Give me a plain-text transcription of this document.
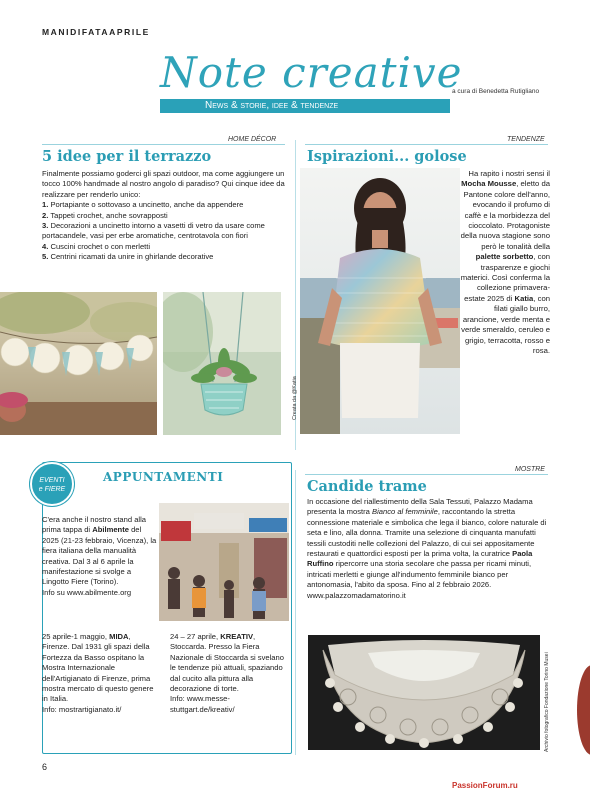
MANIDIFATAAPRILE
Note creative
a cura di Benedetta Rutigliano
News & storie, idee & tendenze
HOME DÉCOR
5 idee per il terrazzo
Finalmente possiamo goderci gli spazi outdoor, ma come aggiungere un tocco 100% handmade al nostro angolo di paradiso? Qui cinque idee da realizzare per renderlo unico:
1. Portapiante o sottovaso a uncinetto, anche da appendere
2. Tappeti crochet, anche sovrapposti
3. Decorazioni a uncinetto intorno a vasetti di vetro da usare come portacandele, vasi per erbe aromatiche, centrotavola con fiori
4. Cuscini crochet o con merletti
5. Centrini ricamati da unire in ghirlande decorative
TENDENZE
Ispirazioni... golose
Creata da @Katia
Ha rapito i nostri sensi il Mocha Mousse, eletto da Pantone colore dell'anno, evocando il profumo di caffè e la morbidezza del cioccolato. Protagoniste della nuova stagione sono però le tonalità della palette sorbetto, con trasparenze e giochi materici. Così conferma la collezione primavera-estate 2025 di Katia, con filati giallo burro, arancione, verde menta e verde smeraldo, ceruleo e grigio, terracotta, rosso e rosa.
EVENTI
e FIERE
APPUNTAMENTI
C'era anche il nostro stand alla prima tappa di Abilmente del 2025 (21-23 febbraio, Vicenza), la fiera italiana della manualità creativa. Dal 3 al 6 aprile la manifestazione si svolge a Lingotto Fiere (Torino).
Info su www.abilmente.org
25 aprile-1 maggio, MIDA, Firenze. Dal 1931 gli spazi della Fortezza da Basso ospitano la Mostra Internazionale dell'Artigianato di Firenze, prima mostra mercato di questo genere in Italia.
Info: mostrartigianato.it/
24 – 27 aprile, KREATIV, Stoccarda. Presso la Fiera Nazionale di Stoccarda si svelano le tendenze più attuali, spaziando dal cucito alla pittura alla decorazione di torte.
Info: www.messe-stuttgart.de/kreativ/
MOSTRE
Candide trame
In occasione del riallestimento della Sala Tessuti, Palazzo Madama presenta la mostra Bianco al femminile, raccontando la stretta connessione materiale e simbolica che lega il bianco, colore naturale di seta e lino, alla donna. Tramite una selezione di cinquanta manufatti tessili custoditi nelle collezioni del Palazzo, di cui sei appositamente restaurati e quattordici esposti per la prima volta, la curatrice Paola Ruffino ripercorre una storia secolare che passa per ricami minuti, intricati merletti e giunge all'indumento femminile bianco per antonomasia, l'abito da sposa. Fino al 2 febbraio 2026.
www.palazzomadamatorino.it
Archivio fotografico Fondazione Torino Musei
6
PassionForum.ru
